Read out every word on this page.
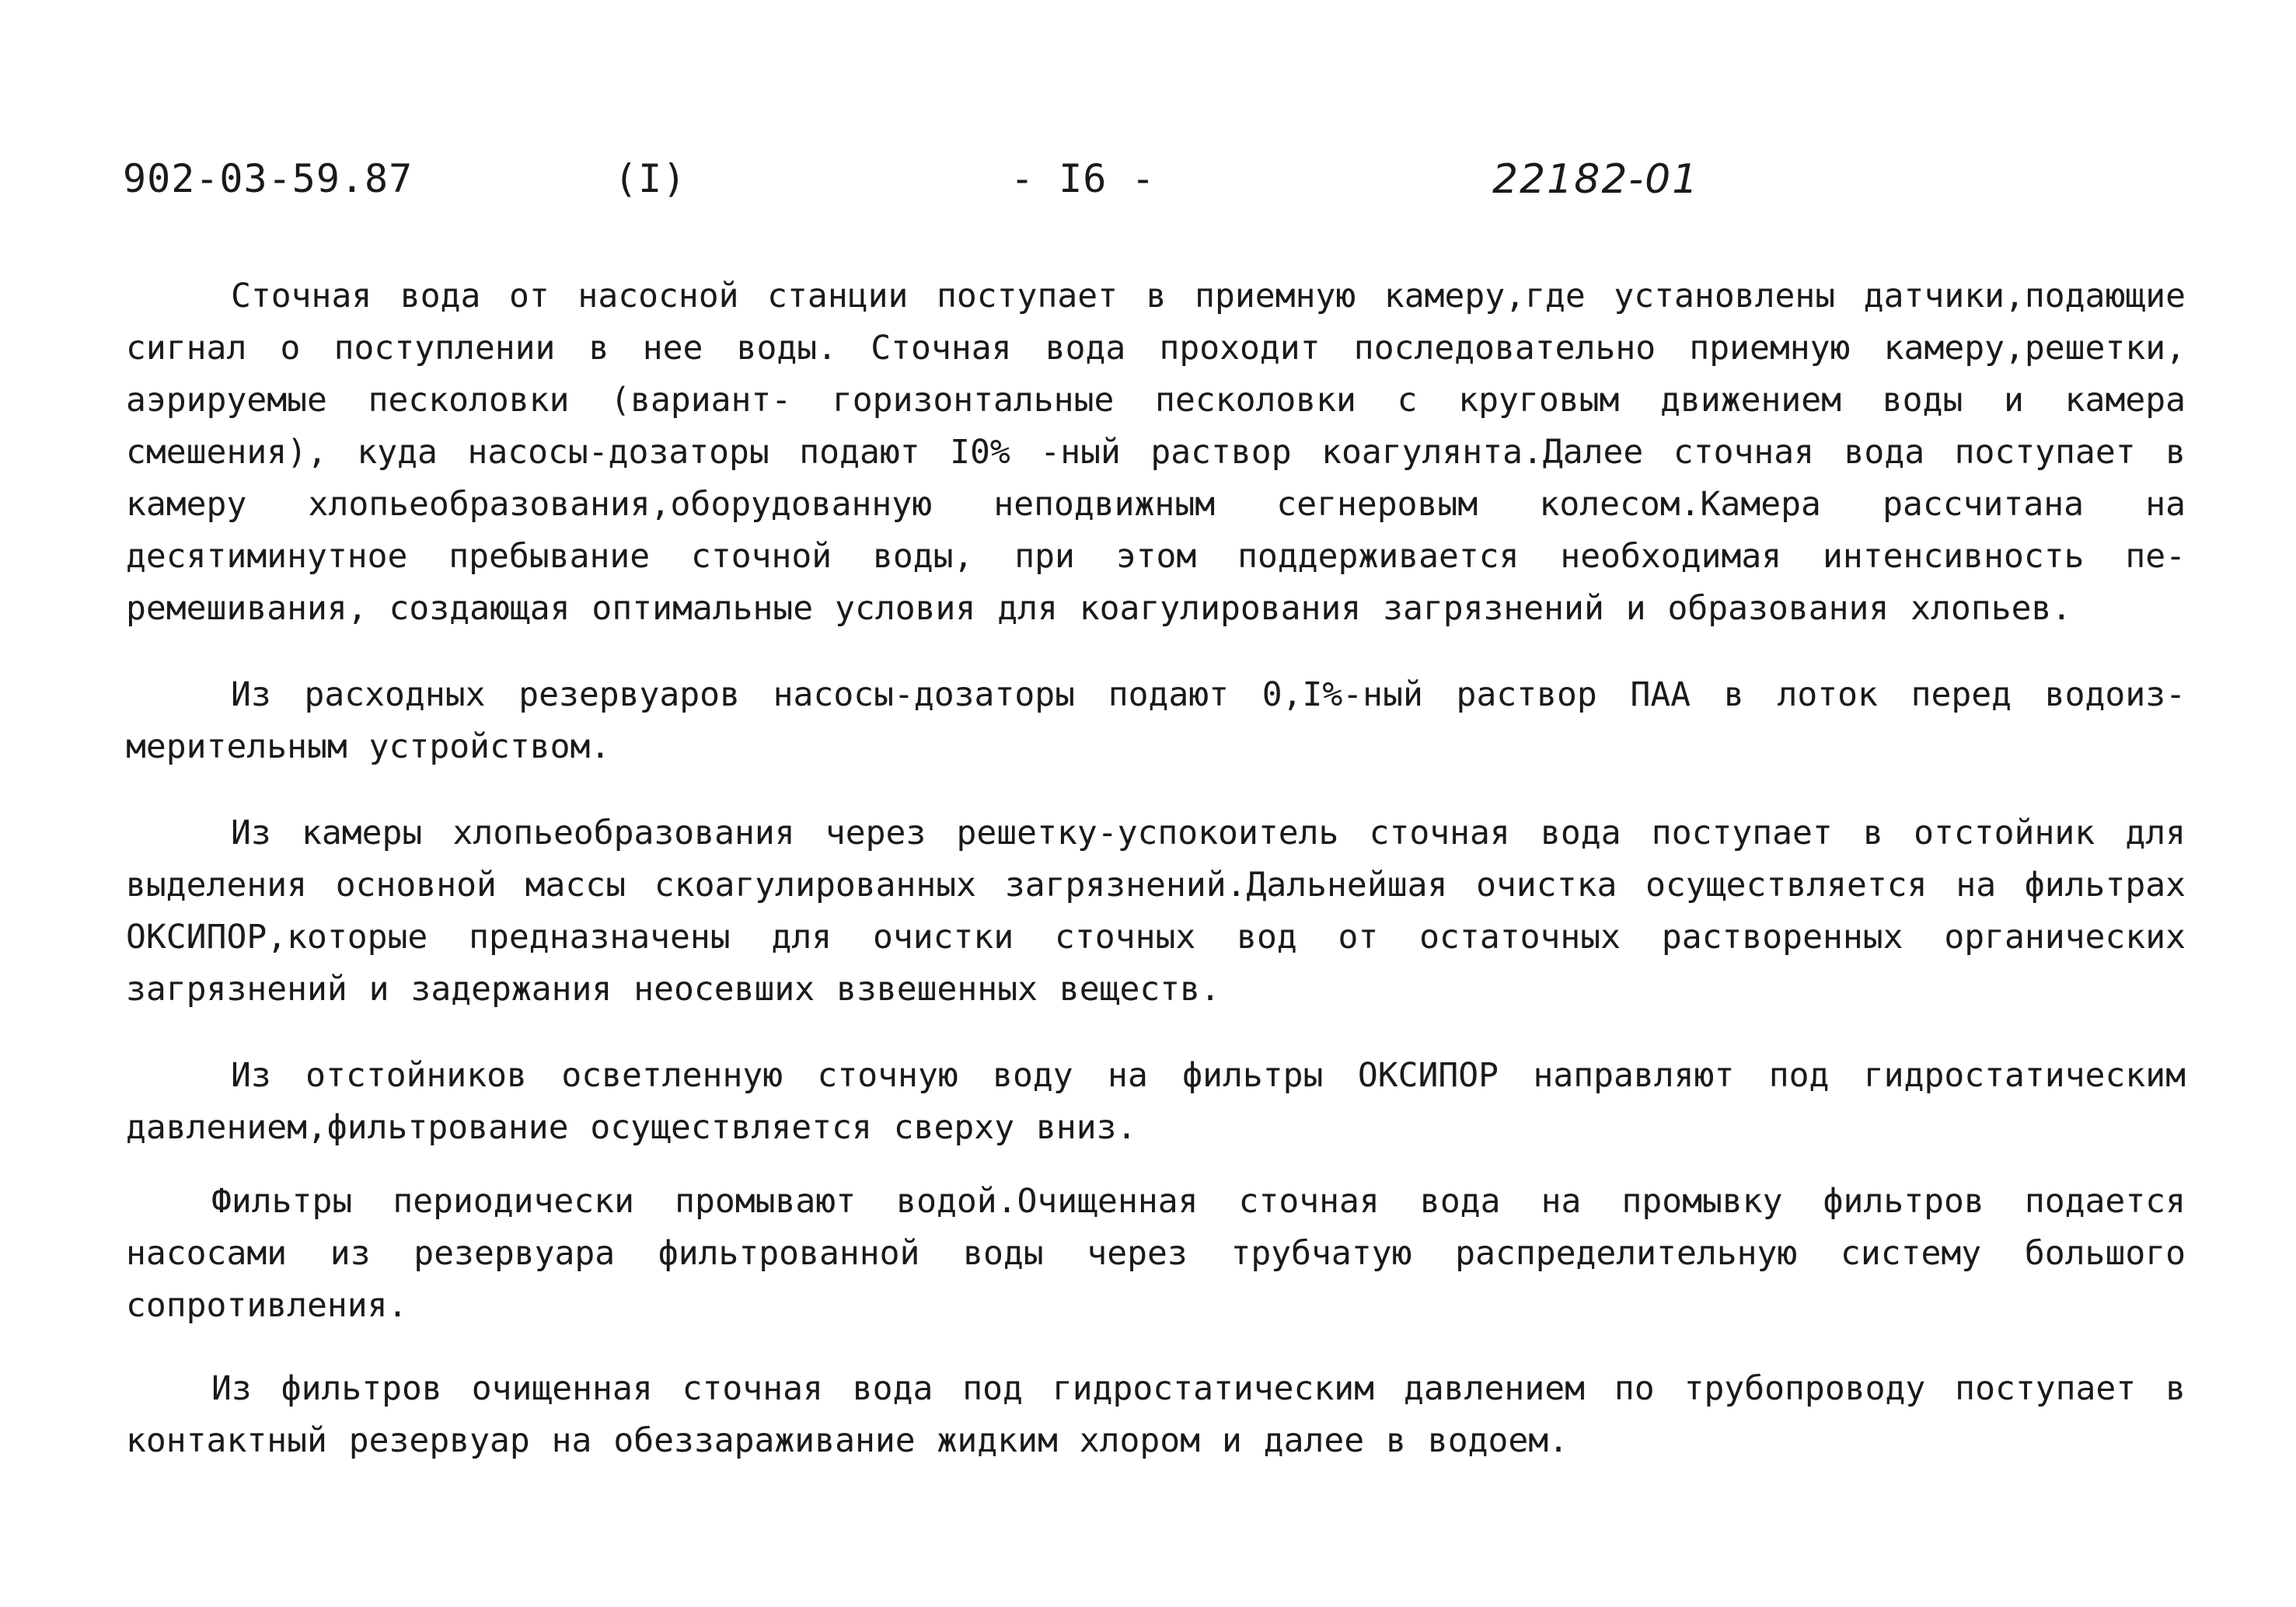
902-03-59.87	(I)	- I6 -	22182-01

Сточная вода от насосной станции поступает в приемную камеру,где установлены датчики,подающие сигнал о поступлении в нее воды. Сточная вода проходит последовательно приемную камеру,решетки, аэрируемые песколовки (вариант- горизонтальные песколовки с круговым движением воды и камера смешения), куда насосы-дозаторы подают I0% -ный раствор коагулянта.Далее сточная вода поступает в камеру хлопьеобразования,оборудованную неподвижным сегнеровым колесом.Камера рассчитана на десятиминутное пребывание сточной воды, при этом поддерживается необходимая интенсивность перемешивания, создающая оптимальные условия для коагулирования загрязнений и образования хлопьев.

Из расходных резервуаров насосы-дозаторы подают 0,I%-ный раствор ПАА в лоток перед водоизмерительным устройством.

Из камеры хлопьеобразования через решетку-успокоитель сточная вода поступает в отстойник для выделения основной массы скоагулированных загрязнений.Дальнейшая очистка осуществляется на фильтрах ОКСИПОР,которые предназначены для очистки сточных вод от остаточных растворенных органических загрязнений и задержания неосевших взвешенных веществ.

Из отстойников осветленную сточную воду на фильтры ОКСИПОР направляют под гидростатическим давлением,фильтрование осуществляется сверху вниз.

Фильтры периодически промывают водой.Очищенная сточная вода на промывку фильтров подается насосами из резервуара фильтрованной воды через трубчатую распределительную систему большого сопротивления.

Из фильтров очищенная сточная вода под гидростатическим давлением по трубопроводу поступает в контактный резервуар на обеззараживание жидким хлором и далее в водоем.
